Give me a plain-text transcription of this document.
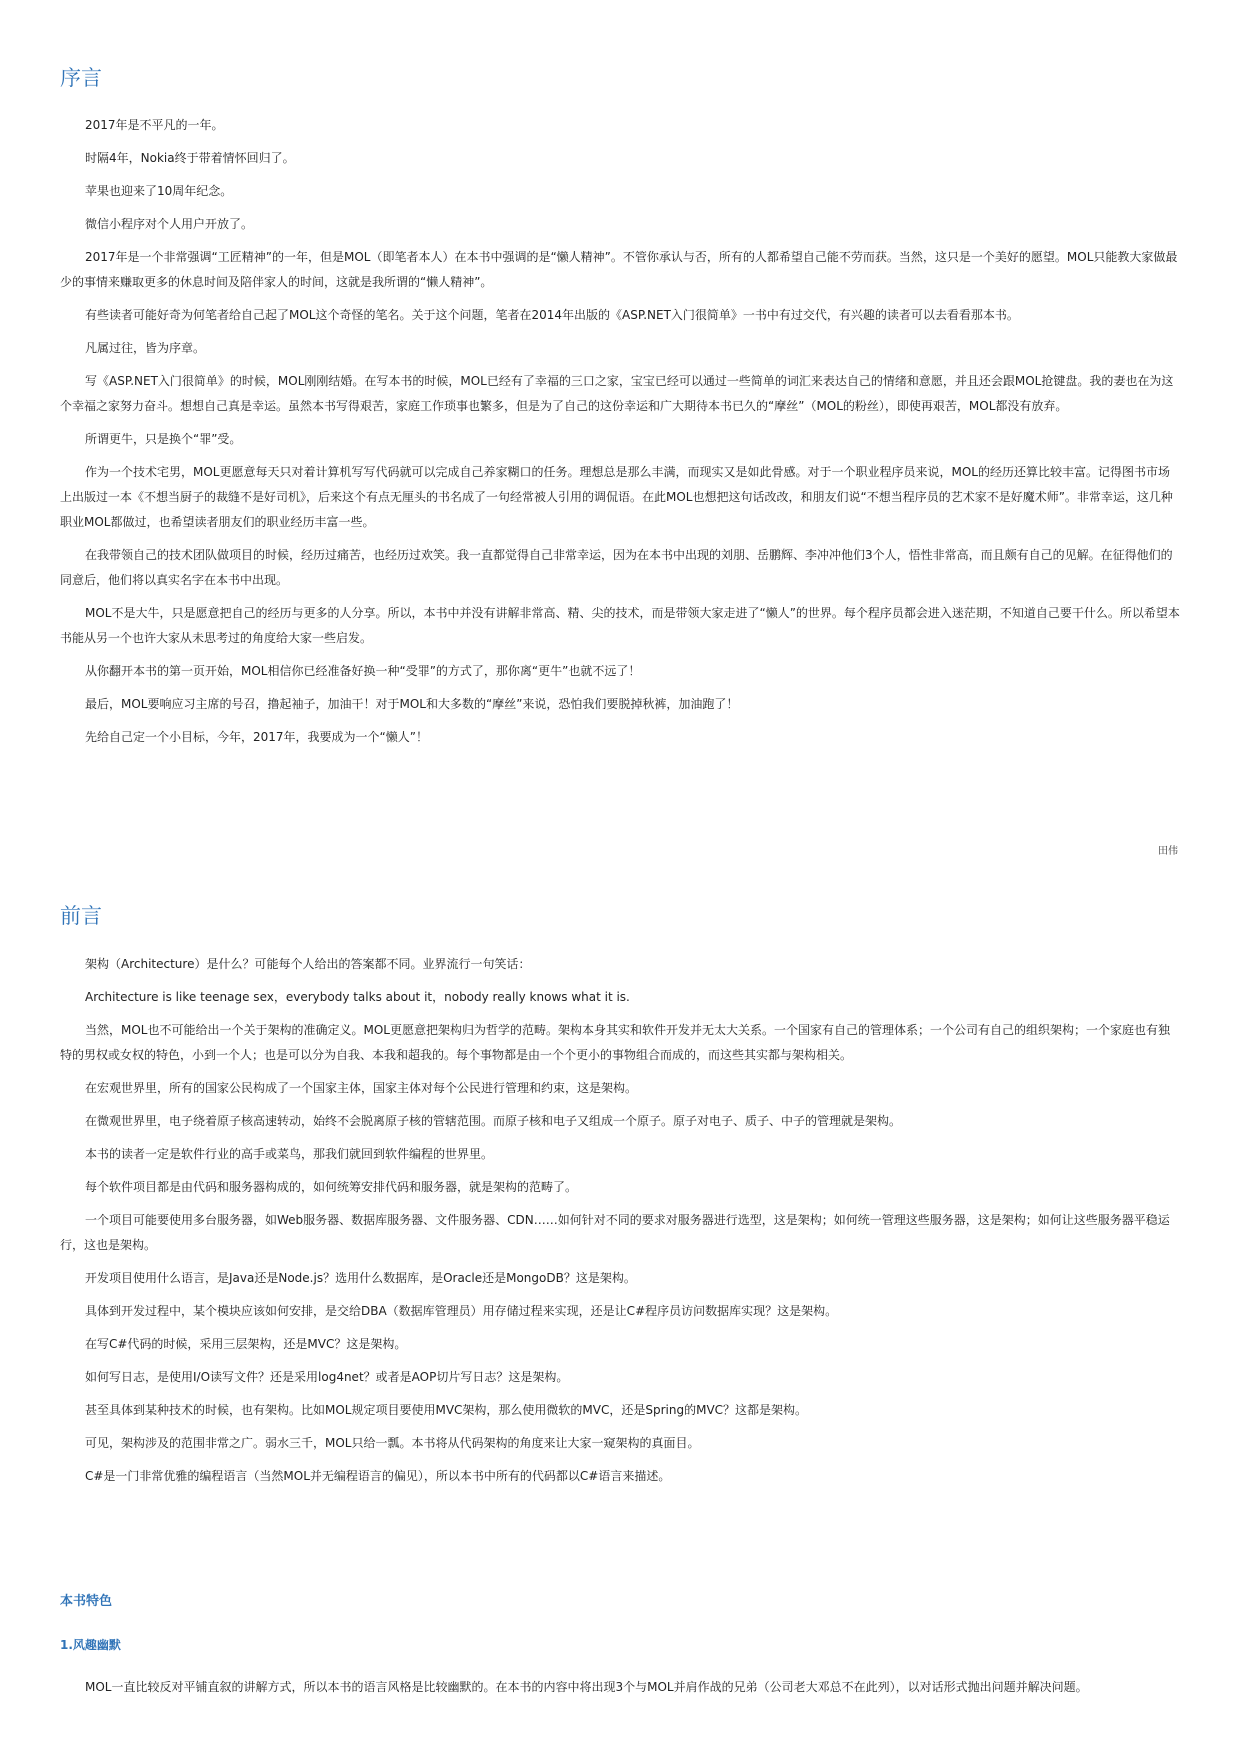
序言

2017年是不平凡的一年。

时隔4年，Nokia终于带着情怀回归了。

苹果也迎来了10周年纪念。

微信小程序对个人用户开放了。

2017年是一个非常强调“工匠精神”的一年，但是MOL（即笔者本人）在本书中强调的是“懒人精神”。不管你承认与否，所有的人都希望自己能不劳而获。当然，这只是一个美好的愿望。MOL只能教大家做最少的事情来赚取更多的休息时间及陪伴家人的时间，这就是我所谓的“懒人精神”。

有些读者可能好奇为何笔者给自己起了MOL这个奇怪的笔名。关于这个问题，笔者在2014年出版的《ASP.NET入门很简单》一书中有过交代，有兴趣的读者可以去看看那本书。

凡属过往，皆为序章。

写《ASP.NET入门很简单》的时候，MOL刚刚结婚。在写本书的时候，MOL已经有了幸福的三口之家，宝宝已经可以通过一些简单的词汇来表达自己的情绪和意愿，并且还会跟MOL抢键盘。我的妻也在为这个幸福之家努力奋斗。想想自己真是幸运。虽然本书写得艰苦，家庭工作琐事也繁多，但是为了自己的这份幸运和广大期待本书已久的“摩丝”（MOL的粉丝），即使再艰苦，MOL都没有放弃。

所谓更牛，只是换个“罪”受。

作为一个技术宅男，MOL更愿意每天只对着计算机写写代码就可以完成自己养家糊口的任务。理想总是那么丰满，而现实又是如此骨感。对于一个职业程序员来说，MOL的经历还算比较丰富。记得图书市场上出版过一本《不想当厨子的裁缝不是好司机》，后来这个有点无厘头的书名成了一句经常被人引用的调侃语。在此MOL也想把这句话改改，和朋友们说“不想当程序员的艺术家不是好魔术师”。非常幸运，这几种职业MOL都做过，也希望读者朋友们的职业经历丰富一些。

在我带领自己的技术团队做项目的时候，经历过痛苦，也经历过欢笑。我一直都觉得自己非常幸运，因为在本书中出现的刘朋、岳鹏辉、李冲冲他们3个人，悟性非常高，而且颇有自己的见解。在征得他们的同意后，他们将以真实名字在本书中出现。

MOL不是大牛，只是愿意把自己的经历与更多的人分享。所以，本书中并没有讲解非常高、精、尖的技术，而是带领大家走进了“懒人”的世界。每个程序员都会进入迷茫期，不知道自己要干什么。所以希望本书能从另一个也许大家从未思考过的角度给大家一些启发。

从你翻开本书的第一页开始，MOL相信你已经准备好换一种“受罪”的方式了，那你离“更牛”也就不远了！

最后，MOL要响应习主席的号召，撸起袖子，加油干！对于MOL和大多数的“摩丝”来说，恐怕我们要脱掉秋裤，加油跑了！

先给自己定一个小目标，今年，2017年，我要成为一个“懒人”！

田伟
前言

架构（Architecture）是什么？可能每个人给出的答案都不同。业界流行一句笑话：

Architecture is like teenage sex，everybody talks about it，nobody really knows what it is.

当然，MOL也不可能给出一个关于架构的准确定义。MOL更愿意把架构归为哲学的范畴。架构本身其实和软件开发并无太大关系。一个国家有自己的管理体系；一个公司有自己的组织架构；一个家庭也有独特的男权或女权的特色，小到一个人；也是可以分为自我、本我和超我的。每个事物都是由一个个更小的事物组合而成的，而这些其实都与架构相关。

在宏观世界里，所有的国家公民构成了一个国家主体，国家主体对每个公民进行管理和约束，这是架构。

在微观世界里，电子绕着原子核高速转动，始终不会脱离原子核的管辖范围。而原子核和电子又组成一个原子。原子对电子、质子、中子的管理就是架构。

本书的读者一定是软件行业的高手或菜鸟，那我们就回到软件编程的世界里。

每个软件项目都是由代码和服务器构成的，如何统筹安排代码和服务器，就是架构的范畴了。

一个项目可能要使用多台服务器，如Web服务器、数据库服务器、文件服务器、CDN……如何针对不同的要求对服务器进行选型，这是架构；如何统一管理这些服务器，这是架构；如何让这些服务器平稳运行，这也是架构。

开发项目使用什么语言，是Java还是Node.js？选用什么数据库，是Oracle还是MongoDB？这是架构。

具体到开发过程中，某个模块应该如何安排，是交给DBA（数据库管理员）用存储过程来实现，还是让C#程序员访问数据库实现？这是架构。

在写C#代码的时候，采用三层架构，还是MVC？这是架构。

如何写日志，是使用I/O读写文件？还是采用log4net？或者是AOP切片写日志？这是架构。

甚至具体到某种技术的时候，也有架构。比如MOL规定项目要使用MVC架构，那么使用微软的MVC，还是Spring的MVC？这都是架构。

可见，架构涉及的范围非常之广。弱水三千，MOL只给一瓢。本书将从代码架构的角度来让大家一窥架构的真面目。

C#是一门非常优雅的编程语言（当然MOL并无编程语言的偏见），所以本书中所有的代码都以C#语言来描述。

本书特色
1.风趣幽默

MOL一直比较反对平铺直叙的讲解方式，所以本书的语言风格是比较幽默的。在本书的内容中将出现3个与MOL并肩作战的兄弟（公司老大邓总不在此列），以对话形式抛出问题并解决问题。
